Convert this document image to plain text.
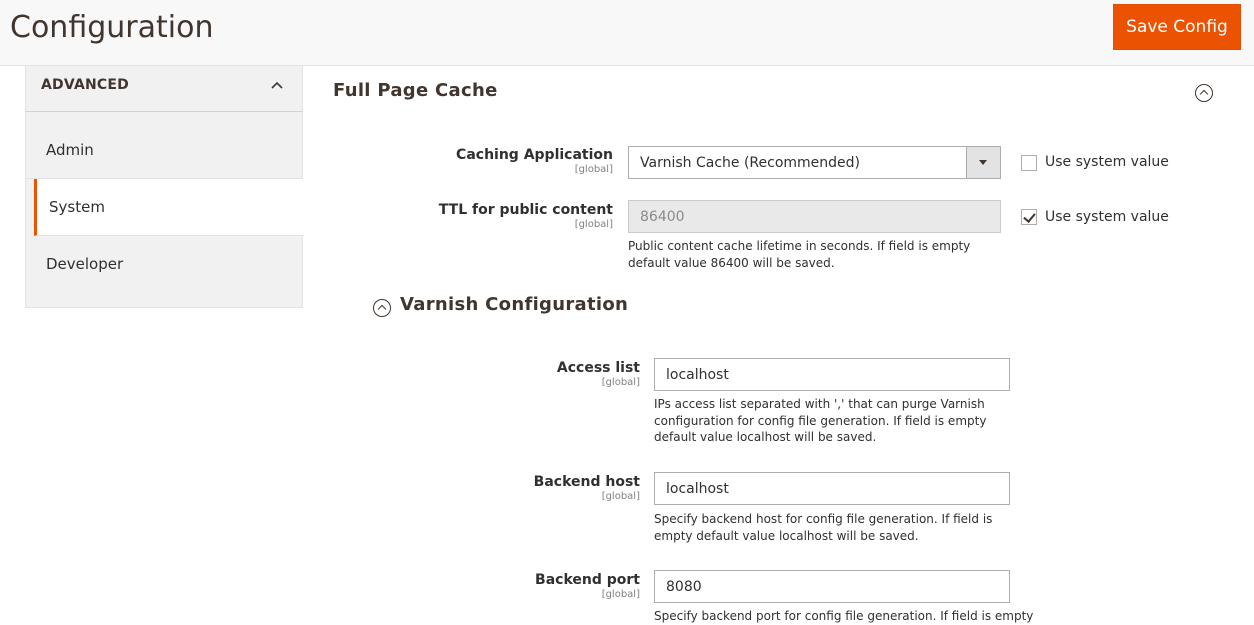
Configuration	Save Config
ADVANCED
Admin
System
Developer
Full Page Cache
Caching Application
[global] Varnish Cache (Recommended)	Use system value
TTL for public content
[global]	86400
Public content cache lifetime in seconds. If field is empty default value 86400 will be saved.
Use system value
Varnish Configuration
Access list
[global]	localhost
IPs access list separated with ',' that can purge Varnish configuration for config file generation. If field is empty default value localhost will be saved.
Backend host
[global]	localhost
Specify backend host for config file generation. If field is empty default value localhost will be saved.
Backend port
[global]	8080
Specify backend port for config file generation. If field is empty
